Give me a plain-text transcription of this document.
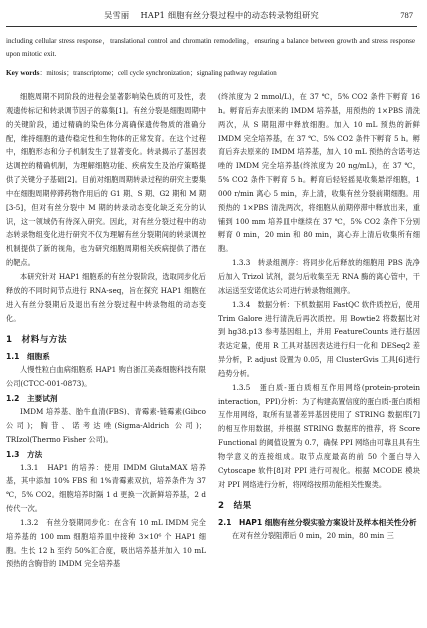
吴雪丽　 HAP1 细胞有丝分裂过程中的动态转录物组研究	787
including cellular stress response，translational control and chromatin remodeling，ensuring a balance between growth and stress response upon mitotic exit.
Key words：mitosis；transcriptome；cell cycle synchronization；signaling pathway regulation

细胞周期不同阶段的进程会显著影响染色质的可及性，表观遗传标记和转录调节因子的募集[1]。有丝分裂是细胞周期中的关键阶段，通过精确的染色体分离确保遗传物质的准确分配，维持细胞的遗传稳定性和生物体的正常发育。在这个过程中，细胞形态和分子机制发生了显著变化。转录揭示了基因表达调控的精确机制，为理解细胞功能、疾病发生及治疗策略提供了关键分子基础[2]。目前对细胞周期转录过程的研究主要集中在细胞周期停滞药物作用后的 G1 期、S 期、G2 期和 M 期[3-5]，但对有丝分裂中 M 期的转录动态变化缺乏充分的认识，这一领域仍有待深入研究。因此，对有丝分裂过程中的动态转录物组变化进行研究不仅为理解有丝分裂期间的转录调控机制提供了新的视角，也为研究细胞周期相关疾病提供了潜在的靶点。

本研究针对 HAP1 细胞系的有丝分裂阶段，选取同步化后释放的不同时间节点进行 RNA-seq，旨在探究 HAP1 细胞在进入有丝分裂期后及退出有丝分裂过程中转录物组的动态变化。

1　材料与方法
1.1　细胞系

人慢性粒白血病细胞系 HAP1 购自浙江美森细胞科技有限公司(CTCC-001-0873)。

1.2　主要试剂

IMDM 培养基、胎牛血清(FBS)、青霉素-链霉素(Gibco 公司)；胸苷、诺考达唑(Sigma-Aldrich 公司)；TRIzol(Thermo Fisher 公司)。

1.3　方法

1.3.1　HAP1 的培养：使用 IMDM GlutaMAX 培养基，其中添加 10% FBS 和 1%青霉素双抗，培养条件为 37 ℃，5% CO2。细胞培养时隔 1 d 更换一次新鲜培养基，2 d 传代一次。

1.3.2　有丝分裂期同步化：在含有 10 mL IMDM 完全培养基的 100 mm 细胞培养皿中接种 3×10⁶ 个 HAP1 细胞。生长 12 h 至约 50%汇合度，吸出培养基并加入 10 mL 预热的含胸苷的 IMDM 完全培养基

(终浓度为 2 mmol/L)，在 37 ℃，5% CO2 条件下孵育 16 h。孵育后弃去原来的 IMDM 培养基，用预热的 1×PBS 清洗两次，从 S 期阻滞中释放细胞。加入 10 mL 预热的新鲜 IMDM 完全培养基，在 37 ℃、5% CO2 条件下孵育 5 h。孵育后弃去原来的 IMDM 培养基，加入 10 mL 预热的含诺考达唑的 IMDM 完全培养基(终浓度为 20 ng/mL)，在 37 ℃，5% CO2 条件下孵育 5 h。孵育后轻轻摇晃收集悬浮细胞，1 000 r/min 离心 5 min，弃上清，收集有丝分裂前期细胞。用预热的 1×PBS 清洗两次，将细胞从前期停滞中释放出来，重铺到 100 mm 培养皿中继续在 37 ℃，5% CO2 条件下分别孵育 0 min，20 min 和 80 min，离心弃上清后收集所有细胞。

1.3.3　转录组测序：将同步化后释放的细胞用 PBS 洗净后加入 Trizol 试剂，混匀后收集至无 RNA 酶的离心管中，干冰运送至安诺优达公司进行转录物组测序。

1.3.4　数据分析：下机数据用 FastQC 软件质控后，使用 Trim Galore 进行清洗后再次质控。用 Bowtie2 将数据比对到 hg38.p13 参考基因组上，并用 FeatureCounts 进行基因表达定量，使用 R 工具对基因表达进行归一化和 DESeq2 差异分析，P. adjust 设置为 0.05，用 ClusterGvis 工具[6]进行趋势分析。

1.3.5　蛋白质-蛋白质相互作用网络(protein-protein interaction，PPI)分析：为了构建高置信度的蛋白质-蛋白质相互作用网络，取所有显著差异基因使用了 STRING 数据库[7]的相互作用数据，并根据 STRING 数据库的推荐，将 Score Functional 的阈值设置为 0.7，确保 PPI 网络由可靠且具有生物学意义的连接组成。取节点度最高的前 50 个蛋白导入 Cytoscape 软件[8]对 PPI 进行可视化。根据 MCODE 模块对 PPI 网络进行分析，将网络按照功能相关性聚类。

2　结果
2.1　HAP1 细胞有丝分裂实验方案设计及样本相关性分析

在对有丝分裂阻滞后 0 min，20 min，80 min 三
